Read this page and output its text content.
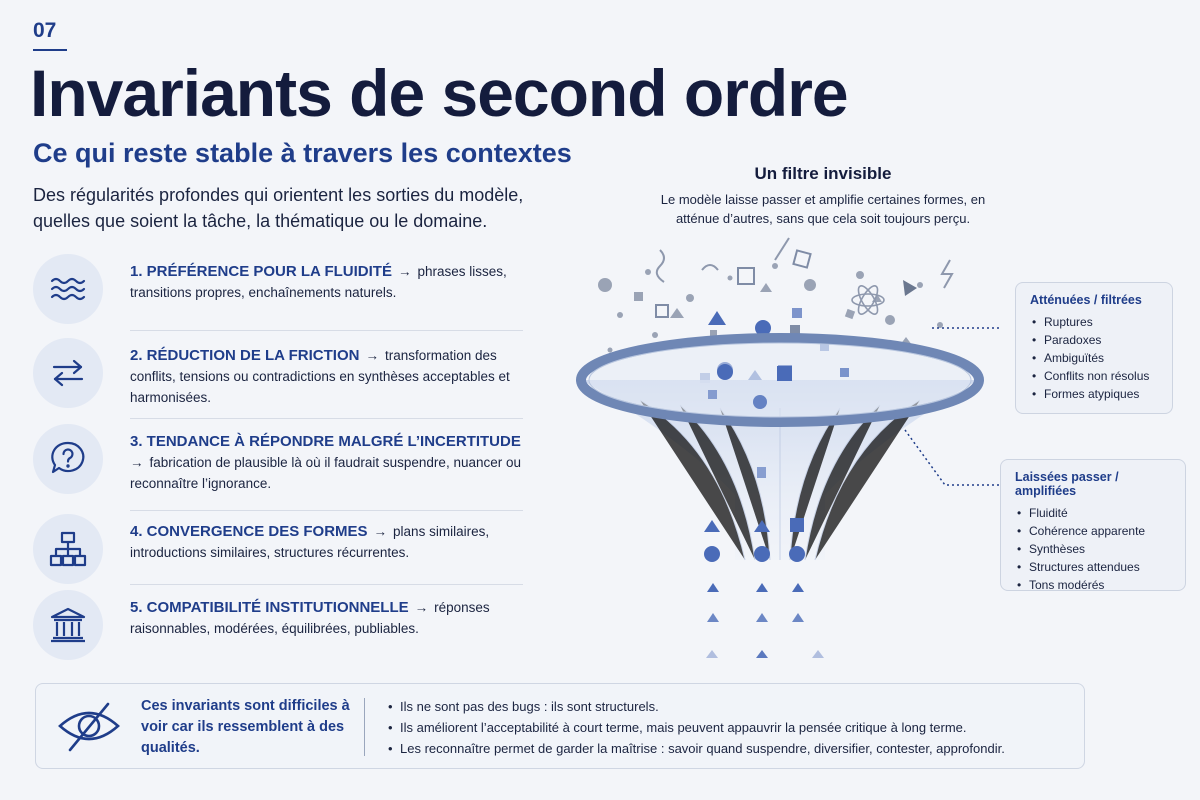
07
Invariants de second ordre
Ce qui reste stable à travers les contextes

Des régularités profondes qui orientent les sorties du modèle, quelles que soient la tâche, la thématique ou le domaine.

1. PRÉFÉRENCE POUR LA FLUIDITÉ → phrases lisses, transitions propres, enchaînements naturels.
2. RÉDUCTION DE LA FRICTION → transformation des conflits, tensions ou contradictions en synthèses acceptables et harmonisées.
3. TENDANCE À RÉPONDRE MALGRÉ L’INCERTITUDE
→ fabrication de plausible là où il faudrait suspendre, nuancer ou reconnaître l’ignorance.
4. CONVERGENCE DES FORMES → plans similaires, introductions similaires, structures récurrentes.
5. COMPATIBILITÉ INSTITUTIONNELLE → réponses raisonnables, modérées, équilibrées, publiables.
Un filtre invisible
Le modèle laisse passer et amplifie certaines formes, en atténue d’autres, sans que cela soit toujours perçu.
Atténuées / filtrées
• Ruptures
• Paradoxes
• Ambiguïtés
• Conflits non résolus
• Formes atypiques
Laissées passer / amplifiées
• Fluidité
• Cohérence apparente
• Synthèses
• Structures attendues
• Tons modérés
Ces invariants sont difficiles à voir car ils ressemblent à des qualités.
• Ils ne sont pas des bugs : ils sont structurels.
• Ils améliorent l’acceptabilité à court terme, mais peuvent appauvrir la pensée critique à long terme.
• Les reconnaître permet de garder la maîtrise : savoir quand suspendre, diversifier, contester, approfondir.
